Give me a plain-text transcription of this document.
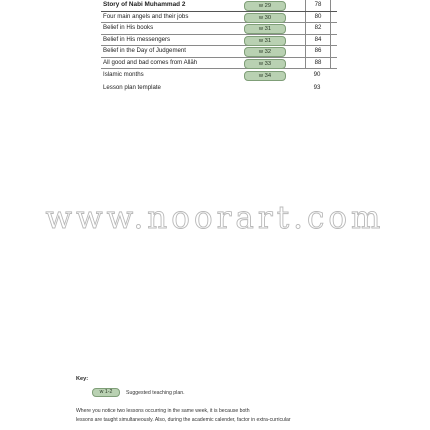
Story of Nabi Muhammad 2	w 29	78
Four main angels and their jobs	w 30	80
Belief in His books	w 31	82
Belief in His messengers	w 31	84
Belief in the Day of Judgement	w 32	86
All good and bad comes from Allāh	w 33	88
Islamic months	w 34	90
Lesson plan template	93
www.noorart.com
Key:
w 1-2	Suggested teaching plan.
Where you notice two lessons occurring in the same week, it is because both
lessons are taught simultaneously. Also, during the academic calender, factor in extra-curricular
